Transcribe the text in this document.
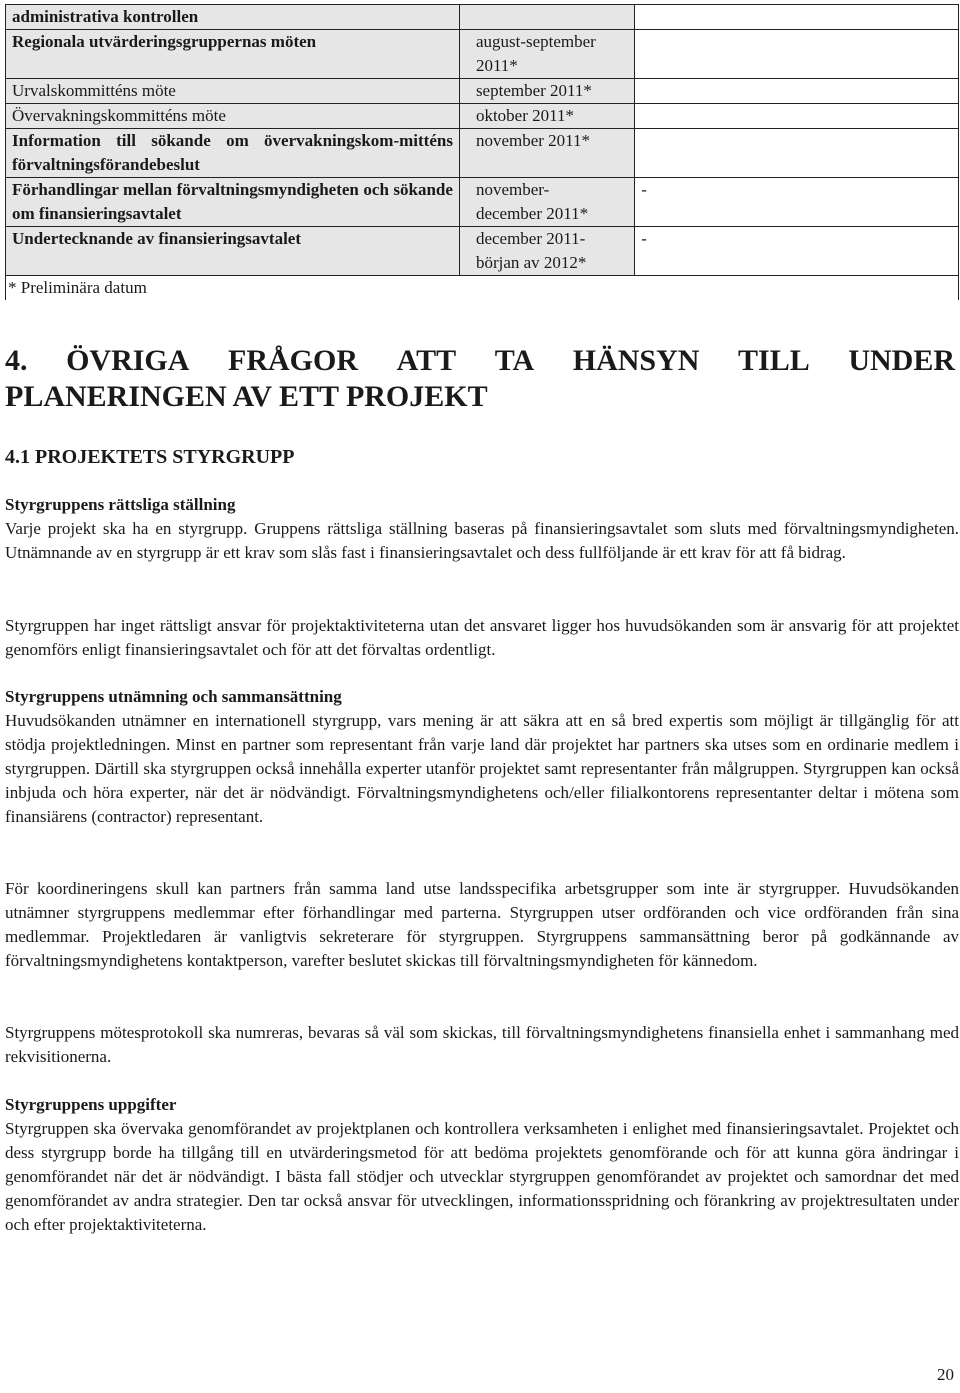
administrativa kontrollen		
Regionala utvärderingsgruppernas möten	august-september
2011*	

Urvalskommitténs möte	september 2011*	

Övervakningskommitténs möte	oktober 2011*	

Information till sökande om övervakningskom-mitténs förvaltningsförandebeslut	november 2011*	

Förhandlingar mellan förvaltningsmyndigheten och sökande om finansieringsavtalet	november-
december 2011*	-
Undertecknande av finansieringsavtalet	december 2011-
början av 2012*	-
* Preliminära datum		
4. ÖVRIGA FRÅGOR ATT TA HÄNSYN TILL UNDER
PLANERINGEN AV ETT PROJEKT
4.1 PROJEKTETS STYRGRUPP
Styrgruppens rättsliga ställning
Varje projekt ska ha en styrgrupp. Gruppens rättsliga ställning baseras på finansieringsavtalet som sluts med förvaltningsmyndigheten. Utnämnande av en styrgrupp är ett krav som slås fast i finansieringsavtalet och dess fullföljande är ett krav för att få bidrag.
Styrgruppen har inget rättsligt ansvar för projektaktiviteterna utan det ansvaret ligger hos huvudsökanden som är ansvarig för att projektet genomförs enligt finansieringsavtalet och för att det förvaltas ordentligt.
Styrgruppens utnämning och sammansättning
Huvudsökanden utnämner en internationell styrgrupp, vars mening är att säkra att en så bred expertis som möjligt är tillgänglig för att stödja projektledningen. Minst en partner som representant från varje land där projektet har partners ska utses som en ordinarie medlem i styrgruppen. Därtill ska styrgruppen också innehålla experter utanför projektet samt representanter från målgruppen. Styrgruppen kan också inbjuda och höra experter, när det är nödvändigt. Förvaltningsmyndighetens och/eller filialkontorens representanter deltar i mötena som finansiärens (contractor) representant.
För koordineringens skull kan partners från samma land utse landsspecifika arbetsgrupper som inte är styrgrupper. Huvudsökanden utnämner styrgruppens medlemmar efter förhandlingar med parterna. Styrgruppen utser ordföranden och vice ordföranden från sina medlemmar. Projektledaren är vanligtvis sekreterare för styrgruppen. Styrgruppens sammansättning beror på godkännande av förvaltningsmyndighetens kontaktperson, varefter beslutet skickas till förvaltningsmyndigheten för kännedom.
Styrgruppens mötesprotokoll ska numreras, bevaras så väl som skickas, till förvaltningsmyndighetens finansiella enhet i sammanhang med rekvisitionerna.
Styrgruppens uppgifter
Styrgruppen ska övervaka genomförandet av projektplanen och kontrollera verksamheten i enlighet med finansieringsavtalet. Projektet och dess styrgrupp borde ha tillgång till en utvärderingsmetod för att bedöma projektets genomförande och för att kunna göra ändringar i genomförandet när det är nödvändigt. I bästa fall stödjer och utvecklar styrgruppen genomförandet av projektet och samordnar det med genomförandet av andra strategier. Den tar också ansvar för utvecklingen, informationsspridning och förankring av projektresultaten under och efter projektaktiviteterna.
20
